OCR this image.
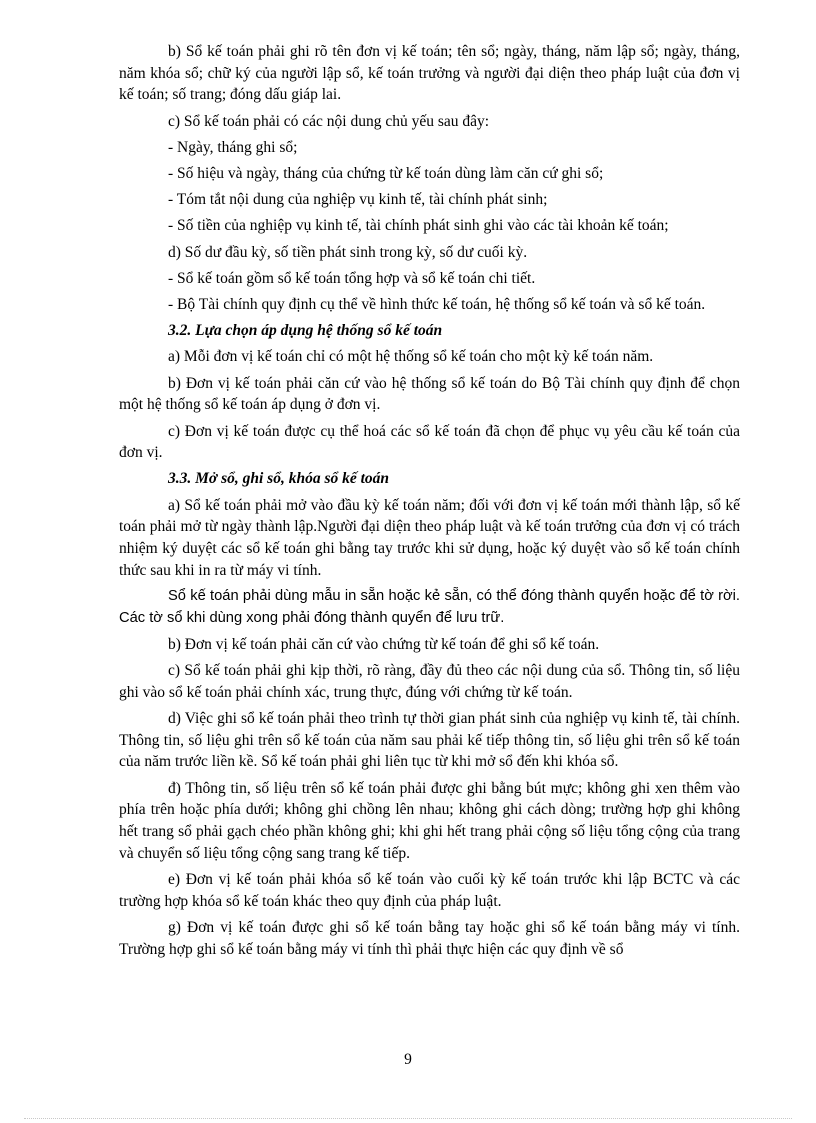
b) Sổ kế toán phải ghi rõ tên đơn vị kế toán; tên sổ; ngày, tháng, năm lập sổ; ngày, tháng, năm khóa sổ; chữ ký của người lập sổ, kế toán trưởng và người đại diện theo pháp luật của đơn vị kế toán; số trang; đóng dấu giáp lai.

c) Sổ kế toán phải có các nội dung chủ yếu sau đây:

- Ngày, tháng ghi sổ;

- Số hiệu và ngày, tháng của chứng từ kế toán dùng làm căn cứ ghi sổ;

- Tóm tắt nội dung của nghiệp vụ kinh tế, tài chính phát sinh;

- Số tiền của nghiệp vụ kinh tế, tài chính phát sinh ghi vào các tài khoản kế toán;

d) Số dư đầu kỳ, số tiền phát sinh trong kỳ, số dư cuối kỳ.

- Sổ kế toán gồm sổ kế toán tổng hợp và sổ kế toán chi tiết.

- Bộ Tài chính quy định cụ thể về hình thức kế toán, hệ thống sổ kế toán và sổ kế toán.

3.2. Lựa chọn áp dụng hệ thống sổ kế toán

a) Mỗi đơn vị kế toán chỉ có một hệ thống sổ kế toán cho một kỳ kế toán năm.

b) Đơn vị kế toán phải căn cứ vào hệ thống sổ kế toán do Bộ Tài chính quy định để chọn một hệ thống sổ kế toán áp dụng ở đơn vị.

c) Đơn vị kế toán được cụ thể hoá các sổ kế toán đã chọn để phục vụ yêu cầu kế toán của đơn vị.

3.3. Mở sổ, ghi sổ, khóa sổ kế toán

a) Sổ kế toán phải mở vào đầu kỳ kế toán năm; đối với đơn vị kế toán mới thành lập, sổ kế toán phải mở từ ngày thành lập.Người đại diện theo pháp luật và kế toán trưởng của đơn vị có trách nhiệm ký duyệt các sổ kế toán ghi bằng tay trước khi sử dụng, hoặc ký duyệt vào sổ kế toán chính thức sau khi in ra từ máy vi tính.

Sổ kế toán phải dùng mẫu in sẵn hoặc kẻ sẵn, có thể đóng thành quyển hoặc để tờ rời. Các tờ sổ khi dùng xong phải đóng thành quyển để lưu trữ.

b) Đơn vị kế toán phải căn cứ vào chứng từ kế toán để ghi sổ kế toán.

c) Sổ kế toán phải ghi kịp thời, rõ ràng, đầy đủ theo các nội dung của sổ. Thông tin, số liệu ghi vào sổ kế toán phải chính xác, trung thực, đúng với chứng từ kế toán.

d) Việc ghi sổ kế toán phải theo trình tự thời gian phát sinh của nghiệp vụ kinh tế, tài chính. Thông tin, số liệu ghi trên sổ kế toán của năm sau phải kế tiếp thông tin, số liệu ghi trên sổ kế toán của năm trước liền kề. Sổ kế toán phải ghi liên tục từ khi mở sổ đến khi khóa sổ.

đ) Thông tin, số liệu trên sổ kế toán phải được ghi bằng bút mực; không ghi xen thêm vào phía trên hoặc phía dưới; không ghi chồng lên nhau; không ghi cách dòng; trường hợp ghi không hết trang sổ phải gạch chéo phần không ghi; khi ghi hết trang phải cộng số liệu tổng cộng của trang và chuyển số liệu tổng cộng sang trang kế tiếp.

e) Đơn vị kế toán phải khóa sổ kế toán vào cuối kỳ kế toán trước khi lập BCTC và các trường hợp khóa sổ kế toán khác theo quy định của pháp luật.

g) Đơn vị kế toán được ghi sổ kế toán bằng tay hoặc ghi sổ kế toán bằng máy vi tính. Trường hợp ghi sổ kế toán bằng máy vi tính thì phải thực hiện các quy định về sổ

9
